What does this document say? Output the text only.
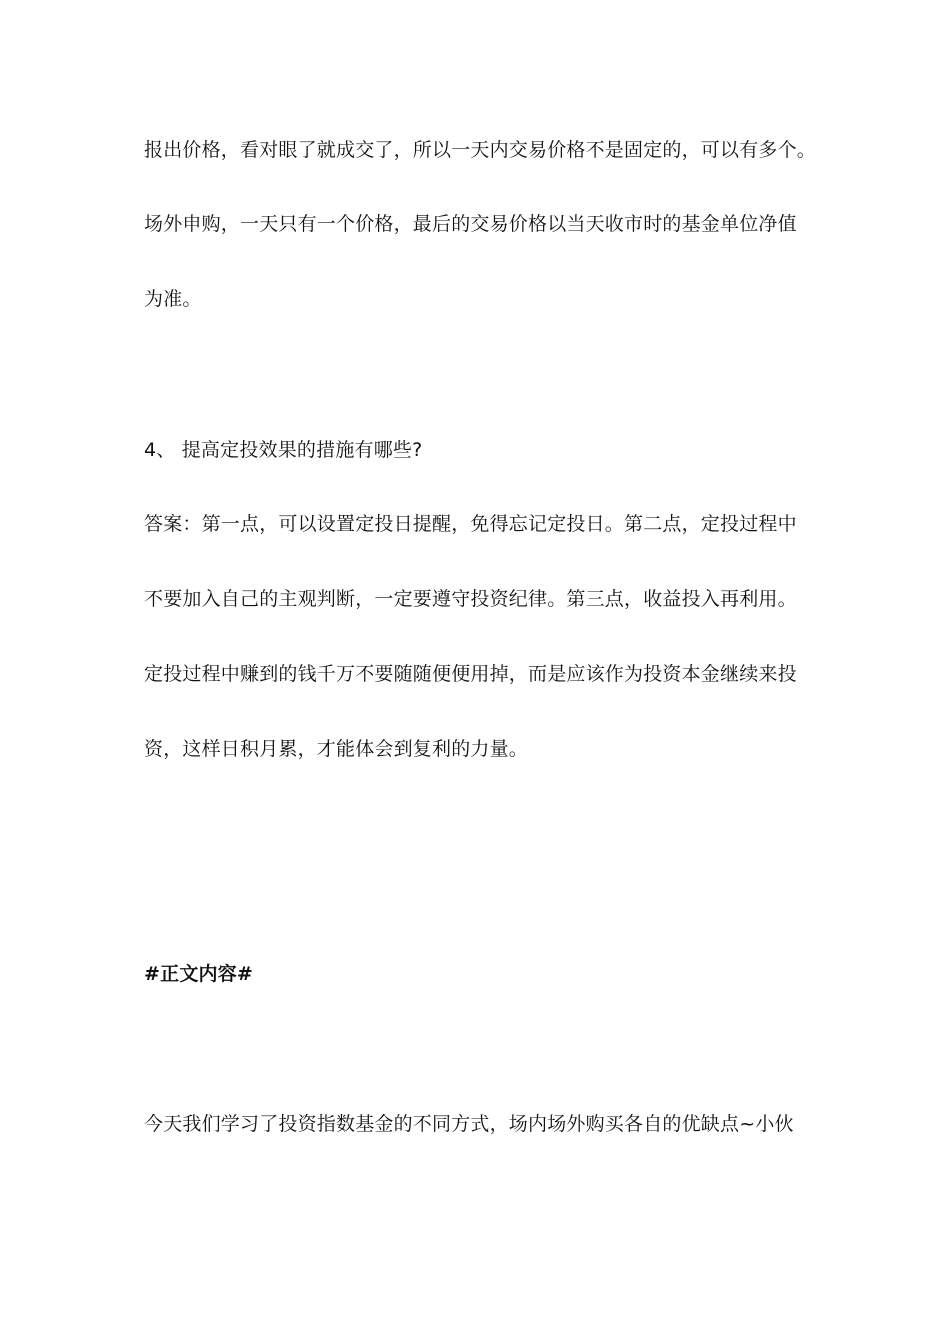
报出价格，看对眼了就成交了，所以一天内交易价格不是固定的，可以有多个。
场外申购，一天只有一个价格，最后的交易价格以当天收市时的基金单位净值
为准。
4、 提高定投效果的措施有哪些?
答案：第一点，可以设置定投日提醒，免得忘记定投日。第二点，定投过程中
不要加入自己的主观判断，一定要遵守投资纪律。第三点，收益投入再利用。
定投过程中赚到的钱千万不要随随便便用掉，而是应该作为投资本金继续来投
资，这样日积月累，才能体会到复利的力量。
#正文内容#
今天我们学习了投资指数基金的不同方式，场内场外购买各自的优缺点~小伙
